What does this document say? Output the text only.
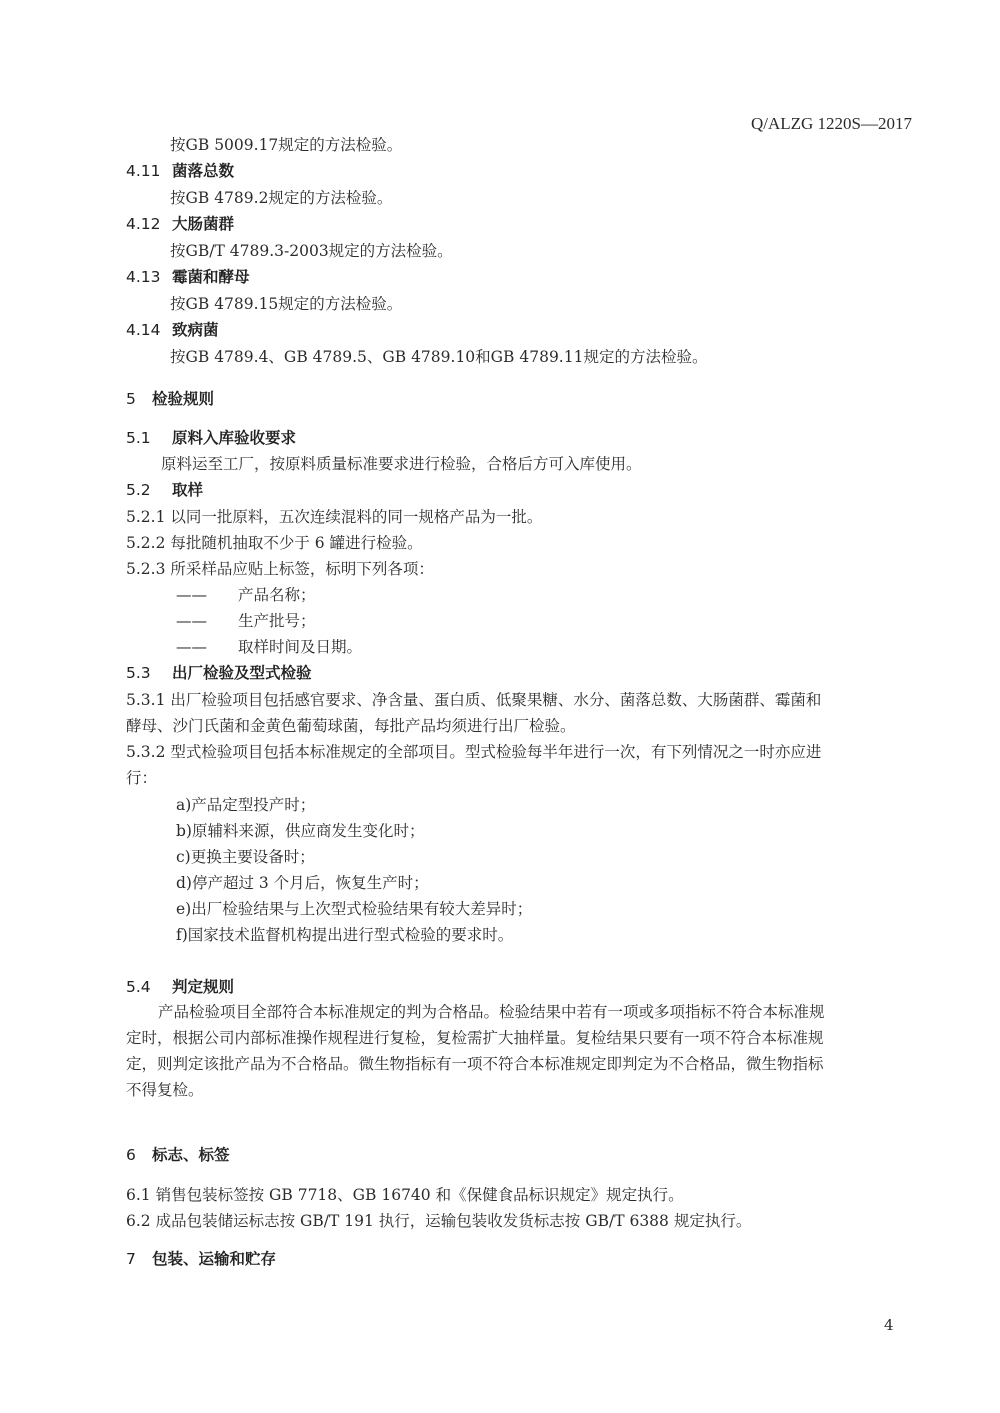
Q/ALZG 1220S—2017
按GB 5009.17规定的方法检验。
4.11 菌落总数
按GB 4789.2规定的方法检验。
4.12 大肠菌群
按GB/T 4789.3-2003规定的方法检验。
4.13 霉菌和酵母
按GB 4789.15规定的方法检验。
4.14 致病菌
按GB 4789.4、GB 4789.5、GB 4789.10和GB 4789.11规定的方法检验。
5 检验规则
5.1 原料入库验收要求
原料运至工厂，按原料质量标准要求进行检验，合格后方可入库使用。
5.2 取样
5.2.1 以同一批原料，五次连续混料的同一规格产品为一批。
5.2.2 每批随机抽取不少于 6 罐进行检验。
5.2.3 所采样品应贴上标签，标明下列各项：
—— 产品名称；
—— 生产批号；
—— 取样时间及日期。
5.3 出厂检验及型式检验
5.3.1 出厂检验项目包括感官要求、净含量、蛋白质、低聚果糖、水分、菌落总数、大肠菌群、霉菌和
酵母、沙门氏菌和金黄色葡萄球菌，每批产品均须进行出厂检验。
5.3.2 型式检验项目包括本标准规定的全部项目。型式检验每半年进行一次，有下列情况之一时亦应进
行：
a)产品定型投产时；
b)原辅料来源，供应商发生变化时；
c)更换主要设备时；
d)停产超过 3 个月后，恢复生产时；
e)出厂检验结果与上次型式检验结果有较大差异时；
f)国家技术监督机构提出进行型式检验的要求时。
5.4 判定规则
产品检验项目全部符合本标准规定的判为合格品。检验结果中若有一项或多项指标不符合本标准规
定时，根据公司内部标准操作规程进行复检，复检需扩大抽样量。复检结果只要有一项不符合本标准规
定，则判定该批产品为不合格品。微生物指标有一项不符合本标准规定即判定为不合格品，微生物指标
不得复检。
6 标志、标签
6.1 销售包装标签按 GB 7718、GB 16740 和《保健食品标识规定》规定执行。
6.2 成品包装储运标志按 GB/T 191 执行，运输包装收发货标志按 GB/T 6388 规定执行。
7 包装、运输和贮存
4
